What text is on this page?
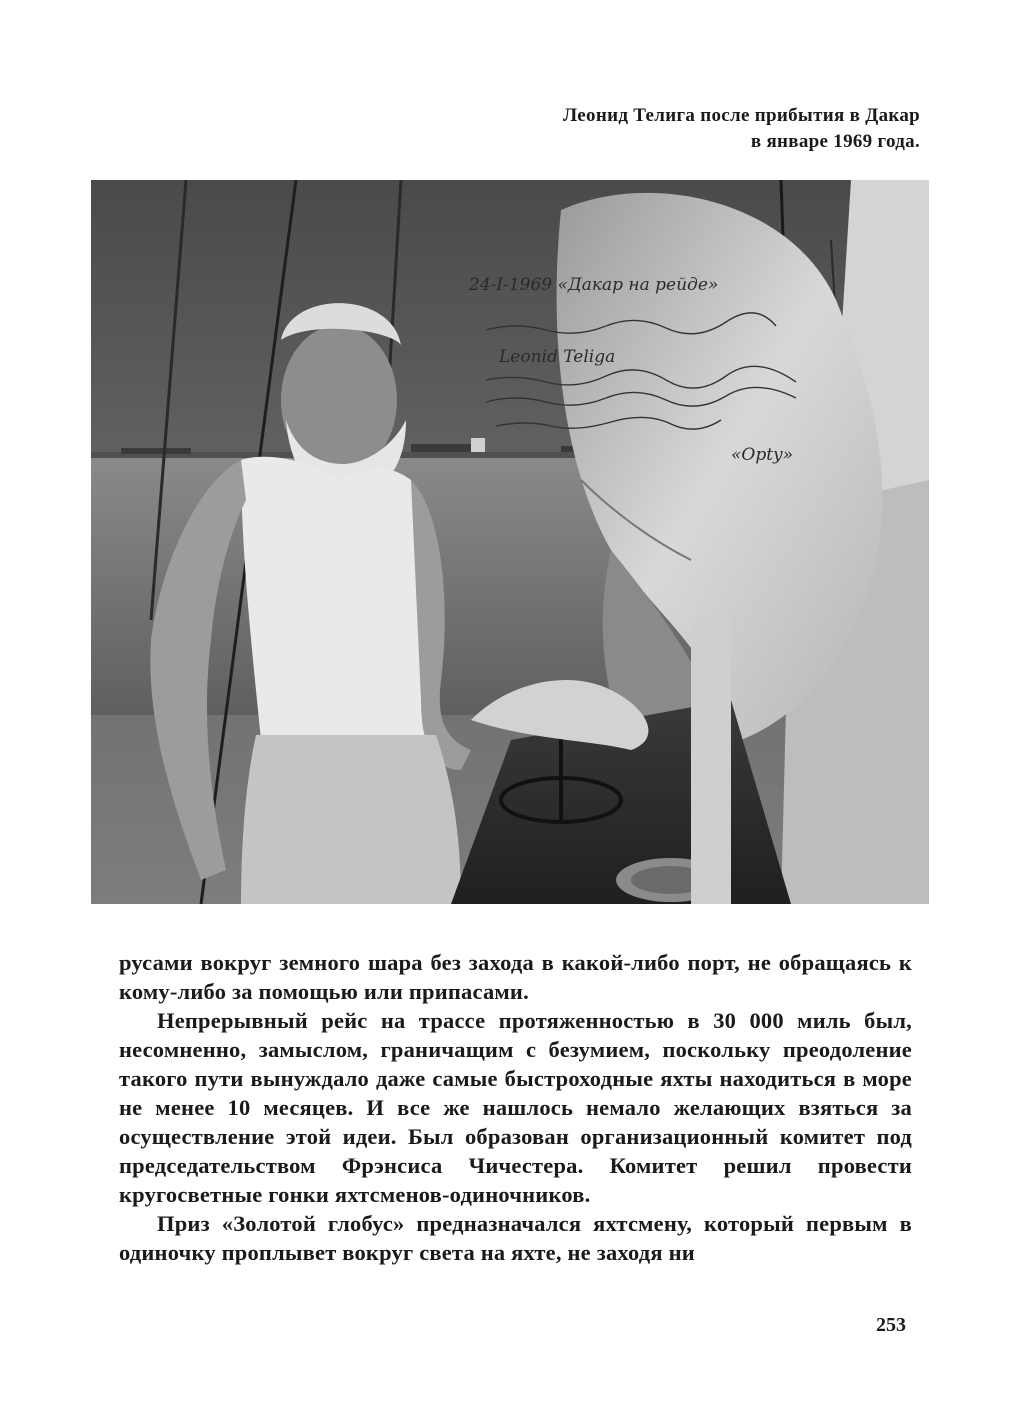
Леонид Телига после прибытия в Дакар
в январе 1969 года.
24-I-1969 «Дакар на рейде»
Leonid Teliga
«Opty»

русами вокруг земного шара без захода в какой-либо порт, не обращаясь к кому-либо за помощью или припасами.

Непрерывный рейс на трассе протяженностью в 30 000 миль был, несомненно, замыслом, граничащим с безумием, поскольку преодоление такого пути вынуждало даже самые быстроходные яхты находиться в море не менее 10 месяцев. И все же нашлось немало желающих взяться за осуществление этой идеи. Был образован организационный комитет под председательством Фрэнсиса Чичестера. Комитет решил провести кругосветные гонки яхтсменов-одиночников.

Приз «Золотой глобус» предназначался яхтсмену, который первым в одиночку проплывет вокруг света на яхте, не заходя ни

253
